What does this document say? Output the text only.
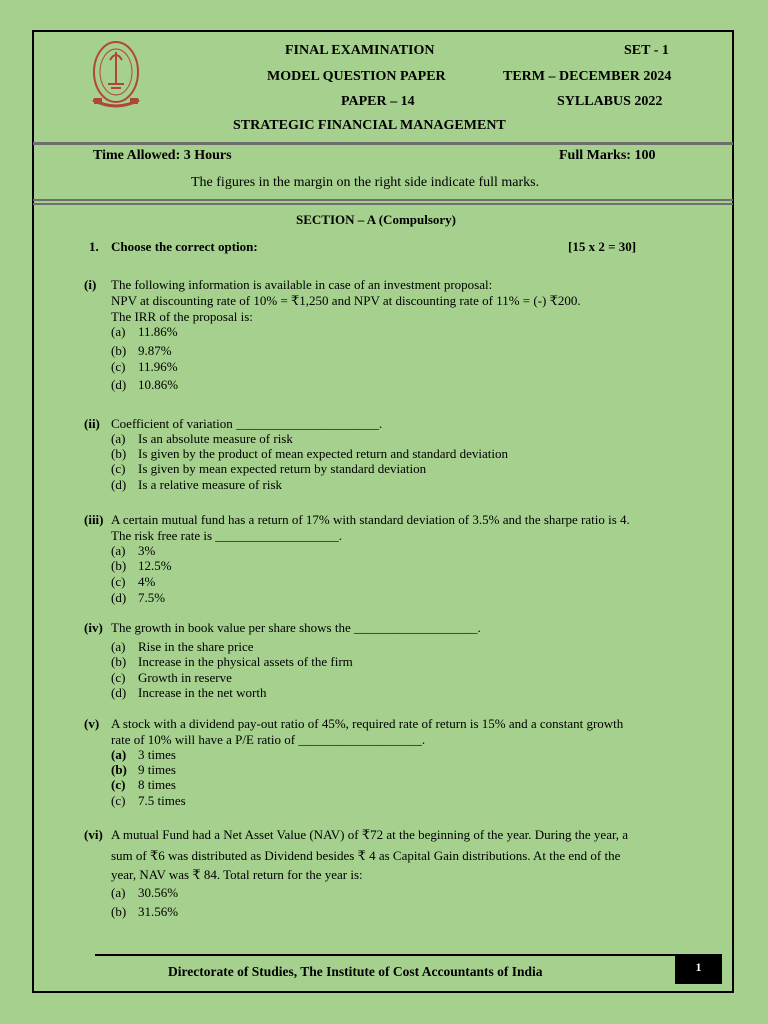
FINAL EXAMINATION	SET - 1
MODEL QUESTION PAPER	TERM – DECEMBER 2024
PAPER – 14	SYLLABUS 2022
STRATEGIC FINANCIAL MANAGEMENT
Time Allowed: 3 Hours	Full Marks: 100
The figures in the margin on the right side indicate full marks.
SECTION – A (Compulsory)
1. Choose the correct option:	[15 x 2 = 30]
(i) The following information is available in case of an investment proposal:
NPV at discounting rate of 10% = ₹1,250 and NPV at discounting rate of 11% = (-) ₹200.
The IRR of the proposal is:
(a) 11.86%
(b) 9.87%
(c) 11.96%
(d) 10.86%
(ii) Coefficient of variation ______________________.
(a) Is an absolute measure of risk
(b) Is given by the product of mean expected return and standard deviation
(c) Is given by mean expected return by standard deviation
(d) Is a relative measure of risk
(iii) A certain mutual fund has a return of 17% with standard deviation of 3.5% and the sharpe ratio is 4.
The risk free rate is ___________________.
(a) 3%
(b) 12.5%
(c) 4%
(d) 7.5%
(iv) The growth in book value per share shows the ___________________.
(a) Rise in the share price
(b) Increase in the physical assets of the firm
(c) Growth in reserve
(d) Increase in the net worth
(v) A stock with a dividend pay-out ratio of 45%, required rate of return is 15% and a constant growth
rate of 10% will have a P/E ratio of ___________________.
(a) 3 times
(b) 9 times
(c) 8 times
(c) 7.5 times
(vi) A mutual Fund had a Net Asset Value (NAV) of ₹72 at the beginning of the year. During the year, a
sum of ₹6 was distributed as Dividend besides ₹ 4 as Capital Gain distributions. At the end of the
year, NAV was ₹ 84. Total return for the year is:
(a) 30.56%
(b) 31.56%
Directorate of Studies, The Institute of Cost Accountants of India	1
